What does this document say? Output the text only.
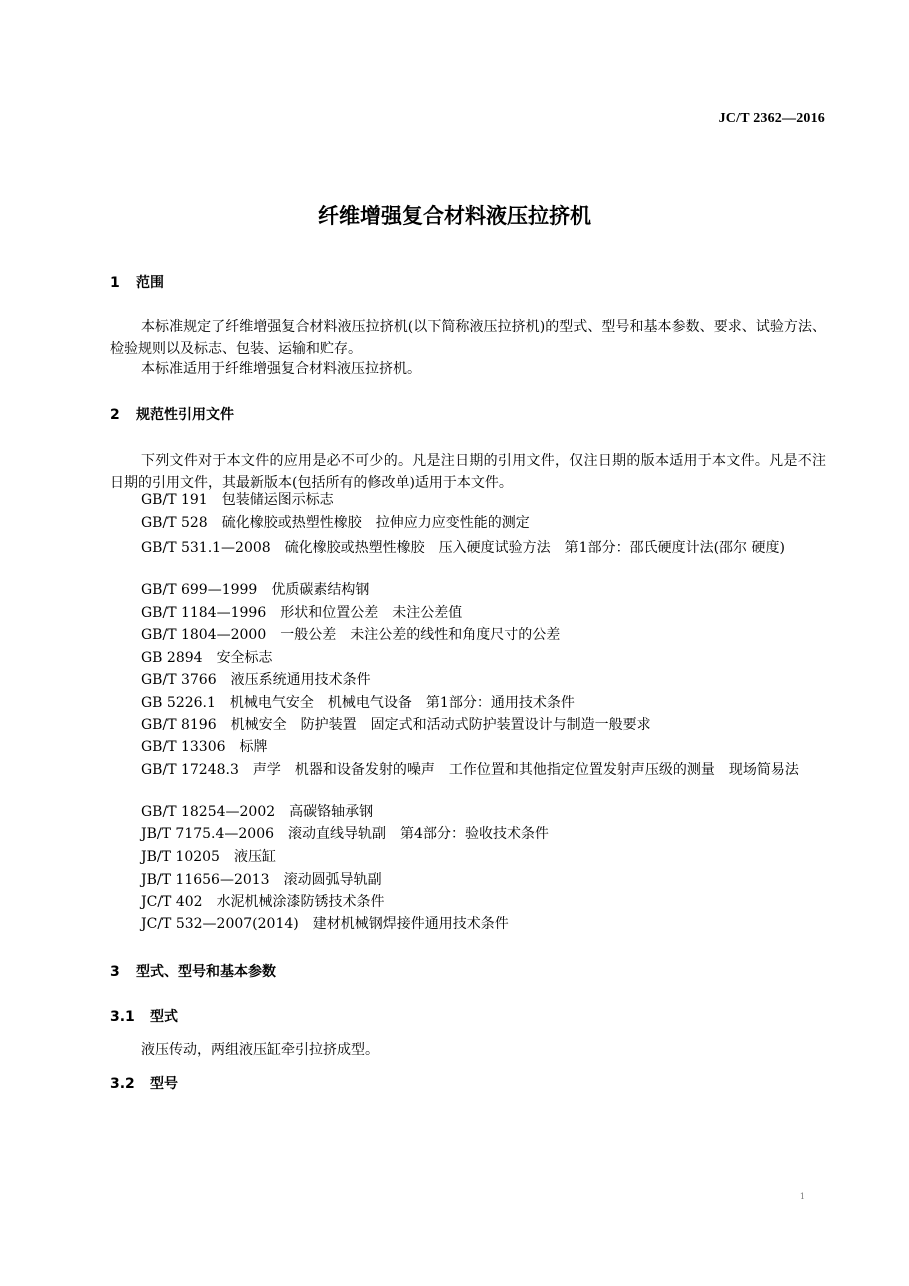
JC/T 2362—2016
纤维增强复合材料液压拉挤机
1 范围
本标准规定了纤维增强复合材料液压拉挤机(以下简称液压拉挤机)的型式、型号和基本参数、要求、试验方法、检验规则以及标志、包装、运输和贮存。
本标准适用于纤维增强复合材料液压拉挤机。
2 规范性引用文件
下列文件对于本文件的应用是必不可少的。凡是注日期的引用文件，仅注日期的版本适用于本文件。凡是不注日期的引用文件，其最新版本(包括所有的修改单)适用于本文件。
GB/T 191 包装储运图示标志
GB/T 528 硫化橡胶或热塑性橡胶　拉伸应力应变性能的测定
GB/T 531.1—2008 硫化橡胶或热塑性橡胶　压入硬度试验方法　第1部分：邵氏硬度计法(邵尔 硬度)
GB/T 699—1999 优质碳素结构钢
GB/T 1184—1996 形状和位置公差　未注公差值
GB/T 1804—2000 一般公差　未注公差的线性和角度尺寸的公差
GB 2894 安全标志
GB/T 3766 液压系统通用技术条件
GB 5226.1 机械电气安全　机械电气设备　第1部分：通用技术条件
GB/T 8196 机械安全　防护装置　固定式和活动式防护装置设计与制造一般要求
GB/T 13306 标牌
GB/T 17248.3 声学　机器和设备发射的噪声　工作位置和其他指定位置发射声压级的测量　现场简易法
GB/T 18254—2002 高碳铬轴承钢
JB/T 7175.4—2006 滚动直线导轨副　第4部分：验收技术条件
JB/T 10205 液压缸
JB/T 11656—2013 滚动圆弧导轨副
JC/T 402 水泥机械涂漆防锈技术条件
JC/T 532—2007(2014) 建材机械钢焊接件通用技术条件
3 型式、型号和基本参数
3.1 型式
液压传动，两组液压缸牵引拉挤成型。
3.2 型号
1
